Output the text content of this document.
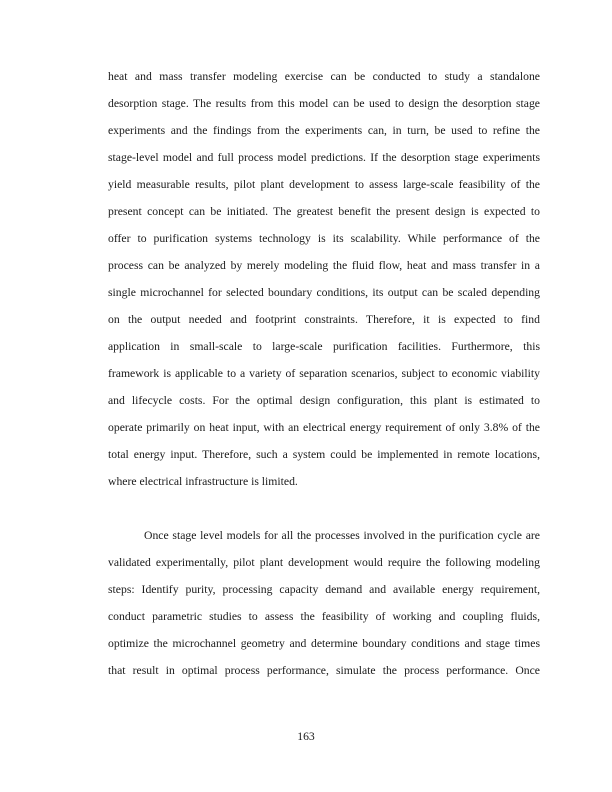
heat and mass transfer modeling exercise can be conducted to study a standalone
desorption stage. The results from this model can be used to design the desorption stage
experiments and the findings from the experiments can, in turn, be used to refine the
stage-level model and full process model predictions. If the desorption stage experiments
yield measurable results, pilot plant development to assess large-scale feasibility of the
present concept can be initiated. The greatest benefit the present design is expected to
offer to purification systems technology is its scalability. While performance of the
process can be analyzed by merely modeling the fluid flow, heat and mass transfer in a
single microchannel for selected boundary conditions, its output can be scaled depending
on the output needed and footprint constraints. Therefore, it is expected to find
application in small-scale to large-scale purification facilities. Furthermore, this
framework is applicable to a variety of separation scenarios, subject to economic viability
and lifecycle costs. For the optimal design configuration, this plant is estimated to
operate primarily on heat input, with an electrical energy requirement of only 3.8% of the
total energy input. Therefore, such a system could be implemented in remote locations,
where electrical infrastructure is limited.
Once stage level models for all the processes involved in the purification cycle are
validated experimentally, pilot plant development would require the following modeling
steps: Identify purity, processing capacity demand and available energy requirement,
conduct parametric studies to assess the feasibility of working and coupling fluids,
optimize the microchannel geometry and determine boundary conditions and stage times
that result in optimal process performance, simulate the process performance. Once
163
